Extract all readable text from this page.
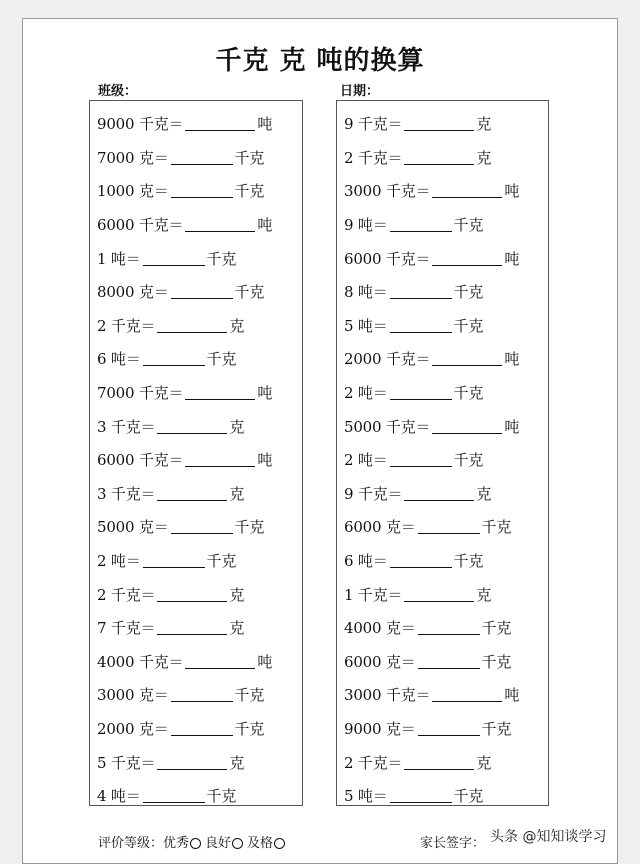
千克 克 吨的换算
班级：	日期：
9000 千克＝	吨
7000 克＝	千克
1000 克＝	千克
6000 千克＝	吨
1 吨＝	千克
8000 克＝	千克
2 千克＝	克
6 吨＝	千克
7000 千克＝	吨
3 千克＝	克
6000 千克＝	吨
3 千克＝	克
5000 克＝	千克
2 吨＝	千克
2 千克＝	克
7 千克＝	克
4000 千克＝	吨
3000 克＝	千克
2000 克＝	千克
5 千克＝	克
4 吨＝	千克
9 千克＝	克
2 千克＝	克
3000 千克＝	吨
9 吨＝	千克
6000 千克＝	吨
8 吨＝	千克
5 吨＝	千克
2000 千克＝	吨
2 吨＝	千克
5000 千克＝	吨
2 吨＝	千克
9 千克＝	克
6000 克＝	千克
6 吨＝	千克
1 千克＝	克
4000 克＝	千克
6000 克＝	千克
3000 千克＝	吨
9000 克＝	千克
2 千克＝	克
5 吨＝	千克
评价等级：优秀 良好 及格	家长签字： 头条 @知知谈学习
